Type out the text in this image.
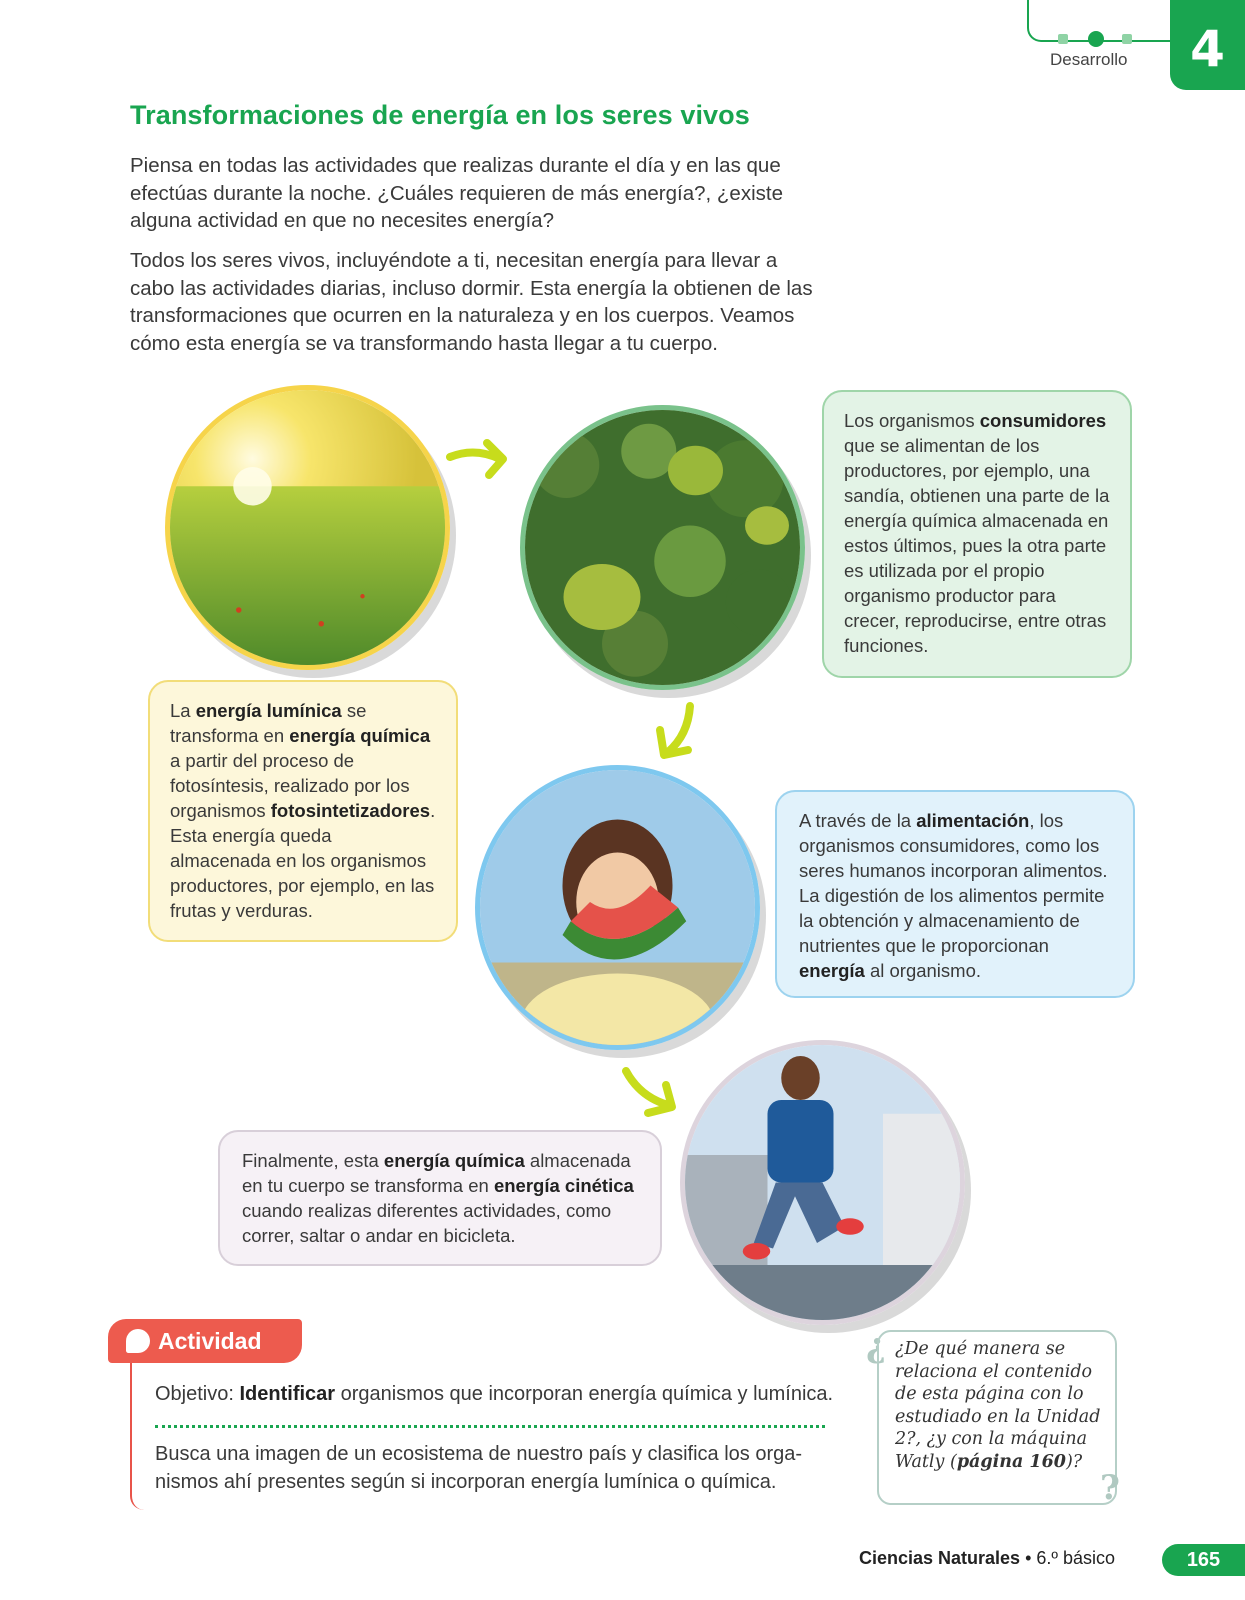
Desarrollo	4
Transformaciones de energía en los seres vivos

Piensa en todas las actividades que realizas durante el día y en las que efectúas durante la noche. ¿Cuáles requieren de más energía?, ¿existe alguna actividad en que no necesites energía?

Todos los seres vivos, incluyéndote a ti, necesitan energía para llevar a cabo las actividades diarias, incluso dormir. Esta energía la obtienen de las transformaciones que ocurren en la naturaleza y en los cuerpos. Veamos cómo esta energía se va transformando hasta llegar a tu cuerpo.

Los organismos consumidores que se alimentan de los productores, por ejemplo, una sandía, obtienen una parte de la energía química almacenada en estos últimos, pues la otra parte es utilizada por el propio organismo productor para crecer, reproducirse, entre otras funciones.
La energía lumínica se transforma en energía química a partir del proceso de fotosíntesis, realizado por los organismos fotosintetizadores. Esta energía queda almacenada en los organismos productores, por ejemplo, en las frutas y verduras.
A través de la alimentación, los organismos consumidores, como los seres humanos incorporan alimentos. La digestión de los alimentos permite la obtención y almacenamiento de nutrientes que le proporcionan energía al organismo.
Finalmente, esta energía química almacenada en tu cuerpo se transforma en energía cinética cuando realizas diferentes actividades, como correr, saltar o andar en bicicleta.
Actividad
Objetivo: Identificar organismos que incorporan energía química y lumínica.
Busca una imagen de un ecosistema de nuestro país y clasifica los organismos ahí presentes según si incorporan energía lumínica o química.
¿ ¿De qué manera se relaciona el contenido de esta página con lo estudiado en la Unidad 2?, ¿y con la máquina Watly (página 160)?
?
Ciencias Naturales • 6.º básico	165
